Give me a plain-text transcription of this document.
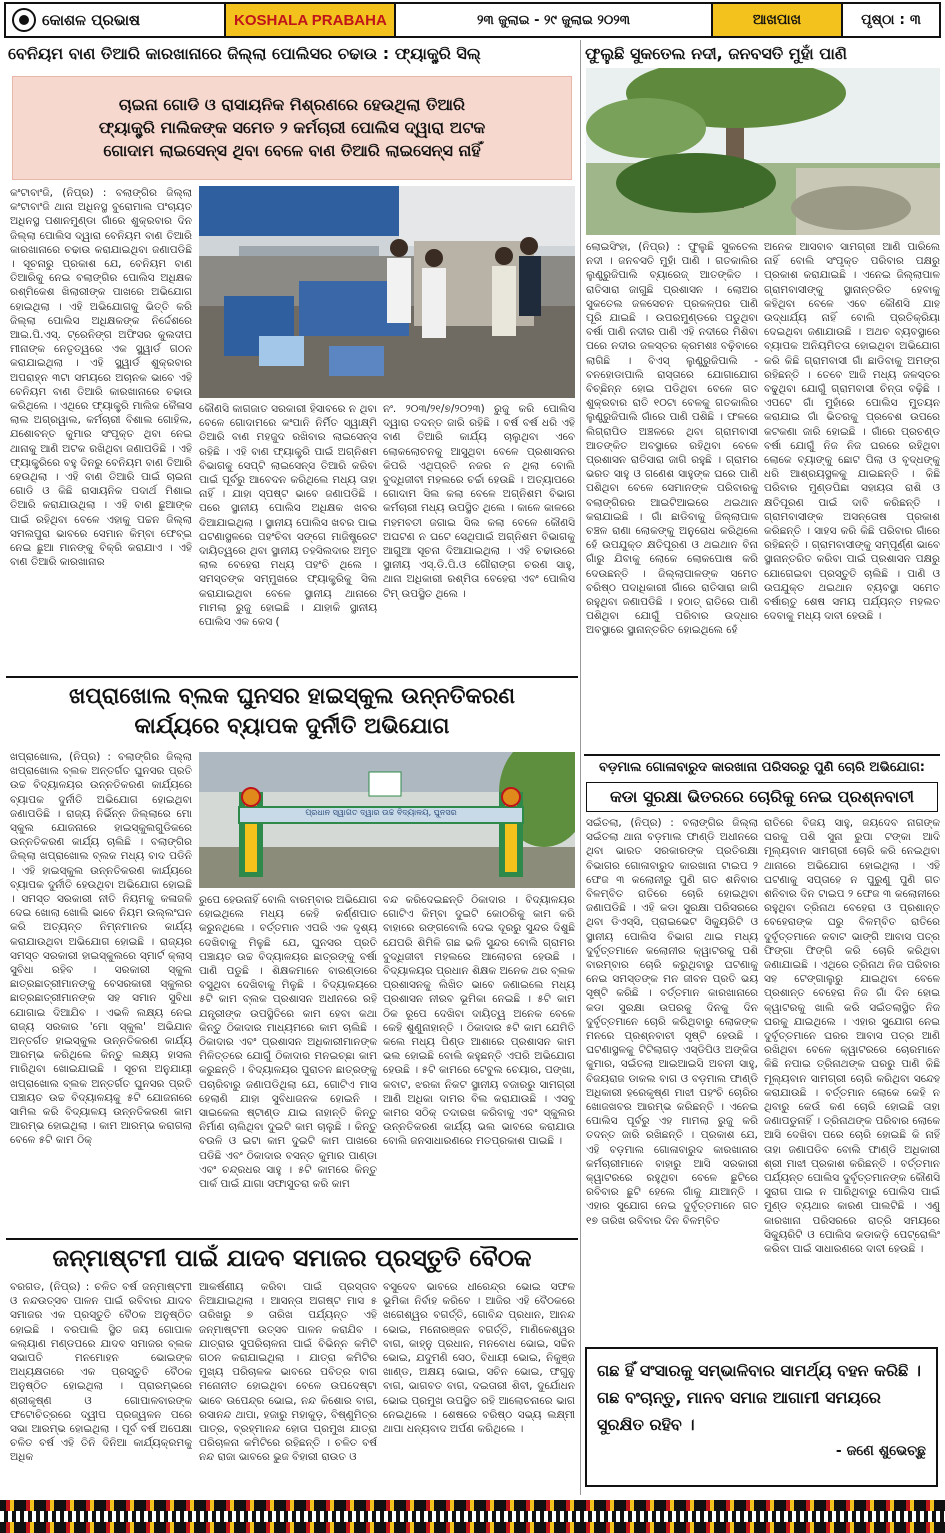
କୋଶଳ ପ୍ରଭାଷ	KOSHALA PRABAHA	୨୩ ଜୁଲାଇ - ୨୯ ଜୁଲାଇ ୨୦୨୩	ଆଖପାଖ	ପୃଷ୍ଠା : ୩
ବେନିୟମ ବାଣ ତିଆରି କାରଖାନାରେ ଜିଲ୍ଲା ପୋଲିସର ଚଢାଉ : ଫ୍ୟାକ୍ଟ୍ରି ସିଲ୍
ଚାଇନା ଗୋଡି ଓ ରାସାୟନିକ ମିଶ୍ରଣରେ ହେଉଥିଲା ତିଆରି
ଫ୍ୟାକ୍ଟ୍ରି ମାଲିକଙ୍କ ସମେତ ୨ କର୍ମଚାରୀ ପୋଲିସ ଦ୍ୱାରା ଅଟକ
ଗୋଦାମ ଲାଇସେନ୍ସ ଥିବା ବେଳେ ବାଣ ତିଆରି ଲାଇସେନ୍ସ ନାହିଁ

କଂଟାବାଂଜି, (ନିପ୍ର) : ବଲାଙ୍ଗିର ଜିଲ୍ଲା କଂଟାବାଂଜି ଥାନା ଅଧିନସ୍ଥ ବୁରୋମାଲ ପଂଚାୟତ ଅଧିନସ୍ଥ ପଶାନମୁଣ୍ଡା ଗାଁରେ ଶୁକ୍ରବାର ଦିନ ଜିଲ୍ଲା ପୋଲିସ ଦ୍ୱାରା ବେନିୟମ ବାଣ ତିଆରି କାରଖାନାରେ ଚଢାଉ କରାଯାଇଥିବା ଜଣାପଡିଛି । ସୂଚନାରୁ ପ୍ରକାଶ ଯେ, ବେନିୟମ ବାଣ ତିଆରିକୁ ନେଇ ବଲାଙ୍ଗିର ପୋଲିସ ଅଧିକ୍ଷକ ରଶ୍ମିକେଶ ଖିଲାରୀଙ୍କ ପାଖରେ ଅଭିଯୋଗ ହୋଇଥିଲା । ଏହି ଅଭିଯୋଗକୁ ଭିତ୍ତି କରି ଜିଲ୍ଲା ପୋଲିସ ଅଧିକ୍ଷକଙ୍କ ନିର୍ଦ୍ଦେଶରେ ଆଇ.ପି.ଏସ୍. ଟ୍ରେନିଙ୍ଗ ଅଫିସର କୁଲଦୀପ ମୀନାଙ୍କ ନେତୃତ୍ୱରେ ଏକ ସ୍କ୍ୱାର୍ଡ ଗଠନ କରାଯାଇଥିଲା । ଏହି ସ୍କ୍ୱାର୍ଡ ଶୁକ୍ରବାର ଅପରାହ୍ନ ୩ଟା ସମୟରେ ଅଚାନକ ଭାବେ ଏହି ବେନିୟମ ବାଣ ତିଆରି କାରଖାନାରେ ଚଢାଉ କରିଥିଲେ । ଏଥିରେ ଫ୍ୟାକ୍ଟ୍ରି ମାଲିକ କୈଳାସ ଲାଲ ଅଗ୍ରୱାଲ, କର୍ମଚାରୀ ବିଶାଲ ଗୋହିଲ, ଯଶୋବନ୍ତ କୁମାର ସଂପୃକ୍ତ ଥିବା ନେଇ ଥାନାକୁ ଆଣି ଅଟକ ରଖିଥିବା ଜଣାପଡିଛି । ଏହି ଫ୍ୟାକ୍ଟ୍ରିରେ ବହୁ ଦିନରୁ ବେନିୟମ ବାଣ ତିଆରି ହେଉଥିଲା । ଏହି ବାଣ ତିଆରି ପାଇଁ ଚାଇନା ଗୋଡି ଓ କିଛି ରାସାୟନିକ ପଦାର୍ଥ ମିଶାଇ ତିଆରି କରାଯାଉଥିଲା । ଏହି ବାଣ ଛୁଆଙ୍କ ପାଇଁ ରହିଥିବା ବେଳେ ଏହାକୁ ପଚ୍ଚନ ଜିଲ୍ଲା ସମଲପୁରା ଭାବରେ ସେମାନ କିମ୍ବା ଫେବ୍ଇ ନେଇ ଛୁଆ ମାନଙ୍କୁ ବିକ୍ରି କରାଯାଏ । ଏହି ବାଣ ତିଆରି କାରଖାନାର

କୌଣସି କାଗଜାତ ସରକାରୀ ହିସାବରେ ନ ଥିବା ବେଳେ ଗୋଦାମରେ କଂପାନି ନିର୍ମିତ ସ୍ୱାକ୍ଷ୍ମି ତିଆରି ବାଣ ମହଜୁଦ ରଖିବାର ଲାଇସେନ୍ସ ରହିଛି । ଏହି ବାଣ ଫ୍ୟାକ୍ଟ୍ରି ପାଇଁ ଅଗ୍ନିଶମ ବିଭାଗକୁ ସେପ୍ଟି ଲାଇସେନ୍ସ ତିଆରି କରିବା ପାଇଁ ପୂର୍ବରୁ ଆବେଦନ କରିଥିଲେ ମଧ୍ୟ ତାହା ନାହିଁ । ଯାହା ସ୍ପଷ୍ଟ ଭାବେ ଜଣାପଡିଛି । ପରେ ସ୍ଥାନୀୟ ପୋଲିସ ଅଧିକ୍ଷକ ଖବର ଦିଆଯାଇଥିଲା । ସ୍ଥାନୀୟ ପୋଲିସ ଖବର ପାଇ ଘଟଣାସ୍ଥଳରେ ପହଂଚିବା ସଙ୍ଗେ ମାଜିଷ୍ଟ୍ରେଟ ଦାୟିତ୍ୱରେ ଥିବା ସ୍ଥାନୀୟ ତହସିଲଦାର ଅମୃତ ଲାଲ ବେହେରା ମଧ୍ୟ ପହଂଚି ଥିଲେ । ସମସ୍ତଙ୍କ ସମ୍ମୁଖରେ ଫ୍ୟାକ୍ଟ୍ରିକୁ ସିଲ କରାଯାଇଥିବା ବେଳେ ସ୍ଥାନୀୟ ଥାନାରେ ମାମଲା ରୁଜୁ ହୋଇଛି । ଯାହାକି ସ୍ଥାନୀୟ ପୋଲିସ ଏକ କେସ (

ନଂ. ୨୦୩/୨୧/୭/୨୦୨୩) ରୁଜୁ କରି ପୋଲିସ ଦ୍ୱାରା ତଦନ୍ତ ଜାରି ରହିଛି । ବର୍ଷ ବର୍ଷ ଧରି ଏହି ବାଣ ତିଆରି କାର୍ଯ୍ୟ ଚାଲୁଥିବା ଏବେ ଲୋକଲୋଚନକୁ ଆସୁଥିବା ବେଳେ ପ୍ରଶାସନର କିପରି ଏଥିପ୍ରତି ନଜର ନ ଥିଲା ବୋଲି ବୁଦ୍ଧିଜୀବୀ ମହଲରେ ଚର୍ଚ୍ଚା ହେଉଛି । ଅତ୍ୟାପରେ ଗୋଦାମ ସିଲ କଲା ବେଳେ ଅଗ୍ନିଶମ ବିଭାଗ କର୍ମଚାରୀ ମଧ୍ୟ ଉପସ୍ଥିତ ଥିଲେ । କାଳେ କାଳରେ ମହମବତୀ ଜଗାଇ ସିଲ କଲା ବେଳେ କୌଣସି ଅଘଟଣ ନ ଘଟେ ସେଥିପାଇଁ ଅଗ୍ନିଶମ ବିଭାଗକୁ ଆଗୁଆ ସୂଚନା ଦିଆଯାଇଥିଲା । ଏହି ଚଢାଉରେ ସ୍ଥାନୀୟ ଏସ୍.ଡି.ପି.ଓ ଗୌରାଙ୍ଗ ଚରଣ ସାହୁ, ଥାନା ଅଧିକାରୀ ରଶ୍ମିତା ବେହେରା ଏବଂ ପୋଲିସ ଟିମ୍ ଉପସ୍ଥିତ ଥିଲେ ।

ଫୁଲୁଛି ସୁକତେଲ ନଦୀ, ଜନବସତି ମୁହାଁ ପାଣି

ଲୋଇସିଂହା, (ନିପ୍ର) : ଫୁଲୁଛି ସୁକତେଲ ନଦୀ । ଜନବସତି ମୁହାଁ ପାଣି । ଗତକାଲିର ଲୁଣ୍ଡ୍ରୁଜିପାଲି ବ୍ୟାରେଜ୍ ଆତଙ୍କିତ । ରାତିସାରା ଜାଗୁଛି ପ୍ରଶାସନ । ଲୋଅର ସୁକତେଲ ଜଳସେଚନ ପ୍ରକଳ୍ପର ପାଣି ପୂରି ଯାଇଛି । ଉପରମୁଣ୍ଡରେ ପଡୁଥିବା ବର୍ଷା ପାଣି ନଦୀର ପାଣି ଏହି ନଦୀରେ ମିଶିବା ପରେ ନଦୀର ଜଳସ୍ତର କ୍ରମଶଃ ବଢ଼ିବାରେ ଲାଗିଛି । ବିଏସ୍ ଲୁଣ୍ଡ୍ରୁଜିପାଲି - ବନହୋଡାପାଲି ରାସ୍ତାରେ ଯୋଗାଯୋଗ ବିଚ୍ଛିନ୍ନ ହୋଇ ପଡିଥିବା ବେଳେ ଗତ ଶୁକ୍ରବାର ରାତି ୧୦ଟା ବେଳକୁ ଗତକାଲିର ଲୁଣ୍ଡ୍ରୁଜିପାଲି ଗାଁରେ ପାଣି ପଶିଛି । ଫଳରେ ଲିଗ୍ରାପିଡ ଅଞ୍ଚଳରେ ଥିବା ଗ୍ରାମବାସୀ ଆତଙ୍କିତ ଅବସ୍ଥାରେ ରହିଥିବା ବେଳେ ପ୍ରଶାସନ ରାତିସାରା ଜାଗି ରହୁଛି । ଗ୍ରାମର ଭରତ ସାହୁ ଓ ଗଣେଶ ସାହୁଙ୍କ ଘରେ ପାଣି ପଶିଥିବା ବେଳେ ସେମାନଙ୍କ ପରିବାରକୁ ବଲାଙ୍ଗିରର ଆଇଟିଆଇରେ ଥଇଥାନ କରାଯାଇଛି । ଗାଁ ଛାଡିବାକୁ ଜିଲ୍ଲାପାଳ ଚଞ୍ଚଳ ରାଣା ଲୋକଙ୍କୁ ଅନୁରୋଧ କରିଥିଲେ ହେଁ ଉପଯୁକ୍ତ କ୍ଷତିପୂରଣ ଓ ଥଇଥାନ ବିନା ଗାଁରୁ ଯିବାକୁ ଲୋକେ ଲୋକପୋଷ କରି ଦେଉଛନ୍ତି । ଜିଲ୍ଲାପାଳଙ୍କ ସମେତ ବରିଷ୍ଠ ପଦାଧିକାରୀ ଗାଁରେ ରାତିସାରା ଜାଗି ରହୁଥିବା ଜଣାପଡିଛି । ହଠାତ୍ ରାତିରେ ପାଣି ପଶିଥିବା ଯୋଗୁଁ ପରିବାର ଉଦ୍ଧାର ଅବସ୍ଥାରେ ସ୍ଥାନାନ୍ତରିତ ହୋଇଥିଲେ ହେଁ

ଅନେକ ଆସବାବ ସାମଗ୍ରୀ ଆଣି ପାରିଲେ ନାହିଁ ବୋଲି ସଂପୃକ୍ତ ପରିବାର ପକ୍ଷରୁ ପ୍ରକାଶ କରାଯାଇଛି । ଏନେଇ ଜିଲ୍ଲାପାଳ ଗ୍ରାମବାସୀଙ୍କୁ ସ୍ଥାନାନ୍ତରିତ ହେବାକୁ କହିଥିବା ବେଳେ ଏବେ କୌଣସି ଯାହ ଉଦ୍ଧାର୍ଯ୍ୟ ନାହିଁ ବୋଲି ପ୍ରତିକ୍ରିୟା ଦେଇଥିବା ଜଣାଯାଉଛି । ଅଥଚ ବ୍ୟବସ୍ଥାରେ ବ୍ୟାପକ ଅନିୟମିତତା ହୋଇଥିବା ଅଭିଯୋଗ କରି କିଛି ଗ୍ରାମବାସୀ ଗାଁ ଛାଡିବାକୁ ଅମଙ୍ଗ ରହିଛନ୍ତି । ତେବେ ଆଜି ମଧ୍ୟ ଜଳସ୍ତର ବଢୁଥିବା ଯୋଗୁଁ ଗ୍ରାମବାସୀ ଚିନ୍ତା ବଢ଼ିଛି । ଏପଟେ ଗାଁ ମୁହାଁରେ ପୋଲିସ ମୁତୟନ କରାଯାଇ ଗାଁ ଭିତରକୁ ପ୍ରବେଶ ଉପରେ କଟକଣା ଜାରି ହୋଇଛି । ଗାଁରେ ପ୍ରଚଣ୍ଡ ବର୍ଷା ଯୋଗୁଁ ନିଜ ନିଜ ଘରରେ ରହିଥିବା ଲୋକେ ବ୍ୟାଙ୍କୁ ଛୋଟ ପିଲା ଓ ବୃଦ୍ଧଙ୍କୁ ଧରି ଆଶ୍ରୟସ୍ଥଳକୁ ଯାଇଛନ୍ତି । କିଛି ପରିବାର ମୁଣ୍ଡପିଛା ସହାୟତା ରାଶି ଓ କ୍ଷତିପୂରଣ ପାଇଁ ଦାବି କରିଛନ୍ତି । ଗ୍ରାମବାସୀଙ୍କ ଅସନ୍ତୋଷ ପ୍ରକାଶ କରିଛନ୍ତି । ସାହସ କରି କିଛି ପରିବାର ଗାଁରେ ରହିଛନ୍ତି । ଗ୍ରାମବାସୀଙ୍କୁ ସମ୍ପୂର୍ଣ୍ଣ ଭାବେ ସ୍ଥାନାନ୍ତରିତ କରିବା ପାଇଁ ପ୍ରଶାସନ ପକ୍ଷରୁ ଯୋଗେଇବା ପ୍ରସ୍ତୁତି ଚାଲିଛି । ପାଣି ଓ ଉପଯୁକ୍ତ ଥଇଥାନ ବ୍ୟବସ୍ଥା ସମେତ ବର୍ଷାଋତୁ ଶେଷ ସମୟ ପର୍ଯ୍ୟନ୍ତ ମହଲତ ଦେବାକୁ ମଧ୍ୟ ଦାବୀ ହେଉଛି ।

ଖପ୍ରାଖୋଲ ବ୍ଲକ ଘୁନସର ହାଇସ୍କୁଲ ଉନ୍ନତିକରଣ
କାର୍ଯ୍ୟରେ ବ୍ୟାପକ ଦୁର୍ନୀତି ଅଭିଯୋଗ

ଖପ୍ରାଖୋଲ, (ନିପ୍ର) : ବଲାଙ୍ଗିର ଜିଲ୍ଲା ଖପ୍ରାଖୋଲ ବ୍ଲକ ଅନ୍ତର୍ଗତ ଘୁନସର ପ୍ରତି ଉଚ୍ଚ ବିଦ୍ୟାଳୟର ଉନ୍ନତିକରଣ କାର୍ଯ୍ୟରେ ବ୍ୟାପକ ଦୁର୍ନୀତି ଅଭିଯୋଗ ହୋଇଥିବା ଜଣାପଡିଛି । ରାଜ୍ୟ ନିର୍ଭିନ୍ନ ଜିଲ୍ଲାରେ ମୋ ସ୍କୁଲ ଯୋଜନାରେ ହାଇସ୍କୁଲଗୁଡିକରେ ଉନ୍ନତିକରଣ କାର୍ଯ୍ୟ ଚାଲିଛି । ବଲାଙ୍ଗିର ଜିଲ୍ଲା ଖପ୍ରାଖୋଲ ବ୍ଲକ ମଧ୍ୟ ବାଦ ପଡିନି । ଏହି ହାଇସ୍କୁଲ ଉନ୍ନତିକରଣ କାର୍ଯ୍ୟରେ ବ୍ୟାପକ ଦୁର୍ନୀତି ହେଉଥିବା ଅଭିଯୋଗ ହୋଇଛି । ସମସ୍ତ ସରକାରୀ ନୀତି ନିୟମକୁ କଳାଜଳି ଦେଇ ଖୋଲା ଖୋଲି ଭାବେ ନିୟମ ଉଲ୍ଲଂଘନ କରି ଅତ୍ୟନ୍ତ ନିମ୍ନମାନର କାର୍ଯ୍ୟ କରାଯାଉଥିବା ଅଭିଯୋଗ ହୋଇଛି । ରାଜ୍ୟର ସମସ୍ତ ସରକାରୀ ହାଇସ୍କୁଲରେ ସ୍ମାର୍ଟ କ୍ଲାସ୍ ସୁବିଧା ରହିବ । ସରକାରୀ ସ୍କୁଲ ଛାତ୍ରଛାତ୍ରୀମାନଙ୍କୁ ବେସରକାରୀ ସ୍କୁଲର ଛାତ୍ରଛାତ୍ରୀମାନଙ୍କ ସହ ସମାନ ସୁବିଧା ଯୋଗାଇ ଦିଆଯିବ । ଏଭଳି ଲକ୍ଷ୍ୟ ନେଇ ରାଜ୍ୟ ସରକାର 'ମୋ ସ୍କୁଲ' ଅଭିଯାନ ଅନ୍ତର୍ଗତ ହାଇସ୍କୁଲ ଉନ୍ନତିକରଣ କାର୍ଯ୍ୟ ଆରମ୍ଭ କରିଥିଲେ କିନ୍ତୁ ଲକ୍ଷ୍ୟ ହାସଲ ମାରିଥିବା ଖୋଇଯାଇଛି । ସୂଚନା ଅନୁଯାୟୀ ଖପ୍ରାଖୋଲ ବ୍ଲକ ଅନ୍ତର୍ଗତ ଘୁନସର ପ୍ରତି ପଞ୍ଚାୟତ ଉଚ୍ଚ ବିଦ୍ୟାଳୟକୁ ୫ଟି ଯୋଜନାରେ ସାମିଲ କରି ବିଦ୍ୟାଳୟ ଉନ୍ନତିକରଣ କାମ ଆରମ୍ଭ ହୋଇଥିଲା । କାମ ଆରମ୍ଭ କରାଗଲା ବେଳେ ୫ଟି କାମ ଠିକ୍

ପ୍ରଧାନ ସ୍ୱାଗତ ଦ୍ୱାର ଉଚ୍ଚ ବିଦ୍ୟାଳୟ, ଘୁନସର

ରୁପେ ହେଉନାହିଁ ବୋଲି ବାରମ୍ବାର ଅଭିଯୋଗ ହୋଇଥିଲେ ମଧ୍ୟ କେହି କର୍ଣ୍ଣପାତ କରୁନଥିଲେ । ବର୍ତ୍ତମାନ ଏପରି ଏକ ଦୃଶ୍ୟ ଦେଖିବାକୁ ମିଳୁଛି ଯେ, ଘୁନସର ପ୍ରତି ପଞ୍ଚାୟତ ଉଚ୍ଚ ବିଦ୍ୟାଳୟର ଛାତ୍ରଙ୍କୁ ବର୍ଷା ପାଣି ପଡୁଛି । ଶିକ୍ଷକମାନେ ବାରଣ୍ଡାରେ ବସୁଥିବା ଦେଖିବାକୁ ମିଳୁଛି । ବିଦ୍ୟାଳୟରେ ୫ଟି କାମ ବ୍ଲକ ପ୍ରଶାସନ ଅଧୀନରେ ରହି ଯନ୍ତ୍ରୀଙ୍କ ଉପସ୍ଥିତିରେ କାମ ହେବା କଥା କିନ୍ତୁ ଠିକାଦାର ମାଧ୍ୟମରେ କାମ ଚାଲିଛି । ଠିକାଦାର ଏବଂ ପ୍ରଶାସନ ଅଧିକାରୀମାନଙ୍କ ମିଳିତ୍ତରେ ଯୋଗୁଁ ଠିକାଦାର ମନଇଚ୍ଛା କାମ କରୁଛନ୍ତି । ବିଦ୍ୟାଳୟର ପୁରାତନ ଛାତ୍ରଙ୍କୁ ପଚାରିବାରୁ ଜଣାପଡିଥିଲା ଯେ, ଗୋଟିଏ ମାସ ହେଲାଣି ଯାହା ସୁବିଧାଜନକ ହୋଇନି । ସାଇକେଲ ଷ୍ଟାଣ୍ଡ ଯାଇ ନାହାନ୍ତି କିନ୍ତୁ ନିର୍ମାଣ ଚାଲିଥିବା ଦୁଇଟି କାମ ଚାଲୁଛି । କିନ୍ତୁ ବଉଳି ଓ ଇଟା କାମ ଦୁଇଟି କାମ ପାଖରେ ପଡିଛି ଏବଂ ଠିକାଦାର ବସନ୍ତ କୁମାର ପାଣ୍ଡା ଏବଂ ଚନ୍ଦ୍ରଧର ସାହୁ । ୫ଟି କାମରେ କିନ୍ତୁ ପାର୍କ ପାଇଁ ଯାଗା ସଫାସୁତରା କରି କାମ

ବନ୍ଦ କରିଦେଇଛନ୍ତି ଠିକାଦାର । ବିଦ୍ୟାଳୟର ଗୋଟିଏ କିମ୍ବା ଦୁଇଟି କୋଠରିକୁ କାମ କରି ବାହାରେ ରଙ୍ଗବୋଲି ଦେଇ ଦୂରରୁ ସୁନ୍ଦର ଦିଶୁଛି ଯେପରି ଶିମିଳି ଗଛ ଭଳି ସୁନ୍ଦର ବୋଲି ଗ୍ରାମର ବୁଦ୍ଧିଜୀବୀ ମହଲରେ ଆଲୋଚନା ହେଉଛି । ବିଦ୍ୟାଳୟର ପ୍ରଧାନ ଶିକ୍ଷକ ଅନେକ ଥର ବ୍ଲକ ପ୍ରଶାସନକୁ ଲିଖିତ ଭାବେ ଜଣାଇଲେ ମଧ୍ୟ ପ୍ରଶାସନ ନୀରବ ଭୂମିକା ନେଇଛି । ୫ଟି କାମ ଠିକ ରୂପେ ଦେଖିବା ଦାୟିତ୍ୱ ଅନେକ ବେଳେ କେହି ଶୁଣୁନାହାନ୍ତି । ଠିକାଦାର ୫ଟି କାମ ଯେମିତି କଲେ ମଧ୍ୟ ପିଣ୍ଡ ଆଶାରେ ପ୍ରଶାସନ କାମ ଭଲ ହୋଇଛି ବୋଲି କହୁଛନ୍ତି ଏପରି ଅଭିଯୋଗ ହେଉଛି । ୫ଟି କାମରେ ଟେବୁଲ ଚେୟାର, ପଙ୍ଖା, କବାଟ, ଝରକା ନିକଟ ସ୍ଥାନୀୟ ବଜାରରୁ ସାମଗ୍ରୀ ଆଣି ଅଧିକା ଦାମର ବିଲ କରାଯାଉଛି । ଏସବୁ କାମର ସଠିକ୍ ତଦାରଖ କରିବାକୁ ଏବଂ ସ୍କୁଲର ଉନ୍ନତିକରଣ କାର୍ଯ୍ୟ ଭଲ ଭାବରେ କରାଯାଉ ବୋଲି ଜନସାଧାରଣରେ ମତପ୍ରକାଶ ପାଇଛି ।

ଜନ୍ମାଷ୍ଟମୀ ପାଇଁ ଯାଦବ ସମାଜର ପ୍ରସ୍ତୁତି ବୈଠକ

ବରଗଡ, (ନିପ୍ର) : ଚଳିତ ବର୍ଷ ଜନ୍ମାଷ୍ଟମୀ ଓ ନନ୍ଦଉତ୍ସବ ପାଳନ ପାଇଁ ରବିବାର ଯାଦବ ସମାଜର ଏକ ପ୍ରସ୍ତୁତି ବୈଠକ ଅନୁଷ୍ଠିତ ହୋଇଛି । ବରପାଲି ସ୍ଥିତ ଜୟ ଗୋପାଳ କଲ୍ୟାଣ ମଣ୍ଡପରେ ଯାଦବ ସମାଜର ବ୍ଲକ ସଭାପତି ମନମୋହନ ଭୋଇଙ୍କ ଅଧ୍ୟକ୍ଷତାରେ ଏକ ପ୍ରସ୍ତୁତି ବୈଠକ ଅନୁଷ୍ଠିତ ହୋଇଥିଲା । ପ୍ରାରମ୍ଭରେ ଶ୍ରୀକୃଷ୍ଣ ଓ ଗୋପାଳବାରଙ୍କ ଫଟୋଚିତ୍ରରେ ଦ୍ୱୀପ ପ୍ରଜ୍ୱଳନ ପରେ ସଭା ଆରମ୍ଭ ହୋଇଥିଲା । ପୂର୍ବ ବର୍ଷ ଅପେକ୍ଷା ଚଳିତ ବର୍ଷ ଏହି ତିନି ଦିନିଆ କାର୍ଯ୍ୟକ୍ରମକୁ ଅଧିକ

ଆକର୍ଷଣୀୟ କରିବା ପାଇଁ ପ୍ରସ୍ତାବ ନିଆଯାଇଥିଲା । ଆସନ୍ତା ଅଗଷ୍ଟ ମାସ ୫ ତାରିଖରୁ ୭ ତାରିଖ ପର୍ଯ୍ୟନ୍ତ ଏହି ଜନ୍ମାଷ୍ଟମୀ ଉତ୍ସବ ପାଳନ କରାଯିବ । ଯାତ୍ରାର ସୁପରିଚାଳନା ପାଇଁ ବିଭିନ୍ନ କମିଟି ଗଠନ କରାଯାଇଥିଲା । ଯାତ୍ରା କମିଟିର ମୁଖ୍ୟ ପରିଚାଳକ ଭାବରେ ପବିତ୍ର ବାଗ ମନୋନୀତ ହୋଇଥିବା ବେଳେ ଉପଦେଷ୍ଟା ଭାବେ ଉପେନ୍ଦ୍ର ଭୋଇ, ନନ୍ଦ କିଶୋର ବାଗ, ରସାନନ୍ଦ ଥାପା, ହଜାରୁ ମହାକୁଡ଼, ବିଷ୍ଣୁମିତ୍ର ପାତ୍ର, ବ୍ରହ୍ମାନନ୍ଦ ହୋତା ପ୍ରମୁଖ ଯାତ୍ରା ପରିଚାଳନା କମିଟିରେ ରହିଛନ୍ତି । ଚଳିତ ବର୍ଷ ନନ୍ଦ ରାଜା ଭାବରେ ଭୁଜ ବିହାରୀ ରାଉତ ଓ

ବସୁଦେବ ଭାବରେ ଧୀରେନ୍ଦ୍ର ଭୋଇ ସଫଳ ଭୂମିକା ନିର୍ବାହ କରିବେ । ଆଜିର ଏହି ବୈଠକରେ ଖଗେଶ୍ୱର ବଗର୍ତ୍ତି, ଗୋବିନ୍ଦ ପ୍ରଧାନ, ଆନନ୍ଦ ଭୋଇ, ମନୋରଞ୍ଜନ ବଗର୍ତ୍ତି, ମାଣିକେଶ୍ୱର ବାଗ, କାହ୍ନୁ ପ୍ରଧାନ, ମନବୋଧ ଭୋଇ, ସଚ୍ଚିନ ଭୋଇ, ଯଦୁମଣି ସେଠ, ବିଧାୟୀ ଭୋଇ, ନିକୁଞ୍ଜ ଖାଣ୍ଡ, ଅକ୍ଷୟ ଭୋଇ, ସଚିନ ଭୋଇ, ଫଗୁନୁ ବାଗ, ଭାଗବତ ବାଗ, ଦଇତାରୀ ଶିବୀ, ଦୁର୍ଯୋଧନ ଭୋଇ ପ୍ରମୁଖ ଉପସ୍ଥିତ ରହି ଆଲୋଚନାରେ ଭାଗ ନେଇଥିଲେ । ଶେଷରେ ବରିଷ୍ଠ ସଭ୍ୟ ଲକ୍ଷ୍ମୀ ଥାପା ଧନ୍ୟବାଦ ଅର୍ପଣ କରିଥିଲେ ।

ବଡ଼ମାଲ ଗୋଳାବାରୁଦ କାରଖାନା ପରିସରରୁ ପୁଣି ଚୋରି ଅଭିଯୋଗ:
କଡା ସୁରକ୍ଷା ଭିତରରେ ଚୋରିକୁ ନେଇ ପ୍ରଶ୍ନବାଚୀ

ସଇଁତଲା, (ନିପ୍ର) : ବଲାଙ୍ଗିର ଜିଲ୍ଲା ସଇଁତଲା ଥାନା ବଡ଼ମାଲ ଫାଣ୍ଡି ଅଧୀନରେ ଥିବା ଭାରତ ସରକାରଙ୍କ ପ୍ରତିରକ୍ଷା ବିଭାଗର ଗୋଳାବାରୁଦ କାରଖାନା ଟାଇପ ୨ ଫେଜ ୩ କଲୋନୀରୁ ପୁଣି ଗତ ଶନିବାର ବିଳମ୍ବିତ ରାତିରେ ଚୋରି ହୋଇଥିବା ଜଣାପଡିଛି । ଏହି କଡା ସୁରକ୍ଷା ପରିସରରେ ଥିବା ଡିଏସ୍‌ସି, ପ୍ରାଇଭେଟ ସିକ୍ୟୁରିଟି ଓ ସ୍ଥାନୀୟ ପୋଲିସ ବିଭାଗ ଥାଇ ମଧ୍ୟ ଦୁର୍ବୃତ୍ତମାନେ କଲୋନୀର କ୍ୱାଟରକୁ ପଶି ବାରମ୍ବାର ଚୋରି କରୁଥିବାରୁ ଘଟଣାକୁ ନେଇ ସମସ୍ତଙ୍କ ମନ ଜୀବନ ପ୍ରତି ଭୟ ସୃଷ୍ଟି କରିଛି । ବର୍ତ୍ତମାନ କାରଖାନାରେ କଡା ସୁରକ୍ଷା ଉପରକୁ ଦିନକୁ ଦିନ ଦୁର୍ବୃତ୍ତମାନେ ଚୋରି କରିଥିବାରୁ ଲୋକଙ୍କ ମନରେ ପ୍ରଶ୍ନବାଚୀ ସୃଷ୍ଟି ହେଉଛି । ଘଟଣାସ୍ଥଳକୁ ଟିଟିଲାଗଡ଼ ଏସ୍‌ଡିପିଓ ଅଙ୍କିତା କୁମାର, ସଇଁତଲା ଆଇଆଇସି ଅବନୀ ସାହୁ, ବିଜୟରାଜ ଡାକଲ ବାଗ ଓ ବଡ଼ମାଲ ଫାଣ୍ଡି ଅଧିକାରୀ ହରେକୃଷ୍ଣ ମାଝୀ ପହଂଚି ଚୋରିର ଖୋଜଖବର ଆରମ୍ଭ କରିଛନ୍ତି । ଏନେଇ ପୋଲିସ ପୂର୍ବରୁ ଏହ ମାମଲା ରୁଜୁ କରି ତଦନ୍ତ ଜାରି ରଖିଛନ୍ତି । ପ୍ରକାଶ ଯେ, ଏହି ବଡ଼ମାଲ ଗୋଳାବାରୁଦ କାରଖାନାର କର୍ମଚାରୀମାନେ ବାହାରୁ ଆସି ସରକାରୀ କ୍ୱାଟରରେ ରହୁଥିବା ବେଳେ ଛୁଟିରେ ରବିବାର ଛୁଟି ହେଲେ ଗାଁକୁ ଯାଆନ୍ତି । ଏହାର ସୁଯୋଗ ନେଇ ଦୁର୍ବୃତ୍ତମାନେ ଗତ ୧୭ ତାରିଖ ରବିବାର ଦିନ ବିଳମ୍ବିତ

ରାତିରେ ବିଜୟ ସାହୁ, ଜୟଦେବ ନାଗଙ୍କ ଘରକୁ ପଶି ସୁନା ରୁପା ଟଙ୍କା ଆଦି ମୂଲ୍ୟବାନ ସାମଗ୍ରୀ ଚୋରି କରି ନେଇଥିବା ଥାନାରେ ଅଭିଯୋଗ ହୋଇଥିଲା । ଏହି ଘଟଣାକୁ ସପ୍ତାହେ ନ ପୁରୁଣୁ ପୁଣି ଗତ ଶନିବାର ଦିନ ଟାଇପ ୨ ଫେଜ ୩ କଲୋନୀରେ ରହୁଥିବା ତ୍ରିନାଥ ବେହେରା ଓ ପ୍ରଶାନ୍ତ ବେହେରାଙ୍କ ଘରୁ ବିଳମ୍ବିତ ରାତିରେ ଦୁର୍ବୃତ୍ତମାନେ କବାଟ ଭାଙ୍ଗି ଆବାସ ପତ୍ର ଫିଙ୍ଗା ଫିଙ୍ଗି କରି ଚୋରି କରିଥିବା ଜଣାଯାଇଛି । ଏଥିରେ ତ୍ରିନାଥ ନିଜ ପରିବାର ସହ ଟେଙ୍ଗାଲୁରୁ ଯାଇଥିବା ବେଳେ ପ୍ରଶାନ୍ତ ବେହେରା ନିଜ ଗାଁ ଦିନ ହୋଇ କ୍ୱାଟରକୁ ଖାଲି କରି ସଇଁତଲାସ୍ଥିତ ନିଜ ଘରକୁ ଯାଇଥିଲେ । ଏହାର ସୁଯୋଗ ନେଇ ଦୁର୍ବୃତ୍ତମାନେ ଘରର ଆବାସ ପତ୍ର ଆଣି ରଖିଥିବା ବେଳେ କ୍ୱାଟରରେ ଚୋରମାନେ କିଛି ନପାଇ ତ୍ରିନାଥଙ୍କ ଘରରୁ ପାଣି କିଛି ମୂଲ୍ୟବାନ ସାମଗ୍ରୀ ଚୋରି କରିଥିବା ସନ୍ଦେହ କରାଯାଉଛି । ବର୍ତ୍ତମାନ ଲୋକେ କେହି ନ ଥିବାରୁ କେଉଁ କଣ ଚୋରି ହୋଇଛି ତାହା ଜଣାପଡୁନାହିଁ । ତ୍ରିନାଥଙ୍କ ପରିବାର ଲୋକେ ଆସି ଦେଖିବା ପରେ ଚୋରି ହୋଇଛି କି ନାହିଁ ତାହା ଜଣାପଡିବ ବୋଲି ଫାଣ୍ଡି ଅଧିକାରୀ ଶ୍ରୀ ମାଝୀ ପ୍ରକାଶ କରିଛନ୍ତି । ବର୍ତ୍ତମାନ ପର୍ଯ୍ୟନ୍ତ ପୋଲିସ ଦୁର୍ବୃତ୍ତମାନଙ୍କ କୌଣସି ସୁରାଗ ପାଇ ନ ପାରିଥିବାରୁ ପୋଲିସ ପାଇଁ ମୁଣ୍ଡ ବ୍ୟଥାର କାରଣ ପାଲଟିଛି । ଏଣୁ କାରଖାନା ପରିସରରେ ରାତ୍ରି ସମୟରେ ସିକ୍ୟୁରିଟି ଓ ପୋଲିସ କଡାକଡ଼ି ପେଟ୍ରୋଲିଂ କରିବା ପାଇଁ ସାଧାରଣରେ ଦାବୀ ହେଉଛି ।

ଗଛ ହିଁ ସଂସାରକୁ ସମ୍ଭାଳିବାର ସାମର୍ଥ୍ୟ ବହନ କରିଛି । ଗଛ ବଂଚାନ୍ତୁ, ମାନବ ସମାଜ ଆଗାମୀ ସମୟରେ ସୁରକ୍ଷିତ ରହିବ ।
- ଜଣେ ଶୁଭେଚ୍ଛୁ
